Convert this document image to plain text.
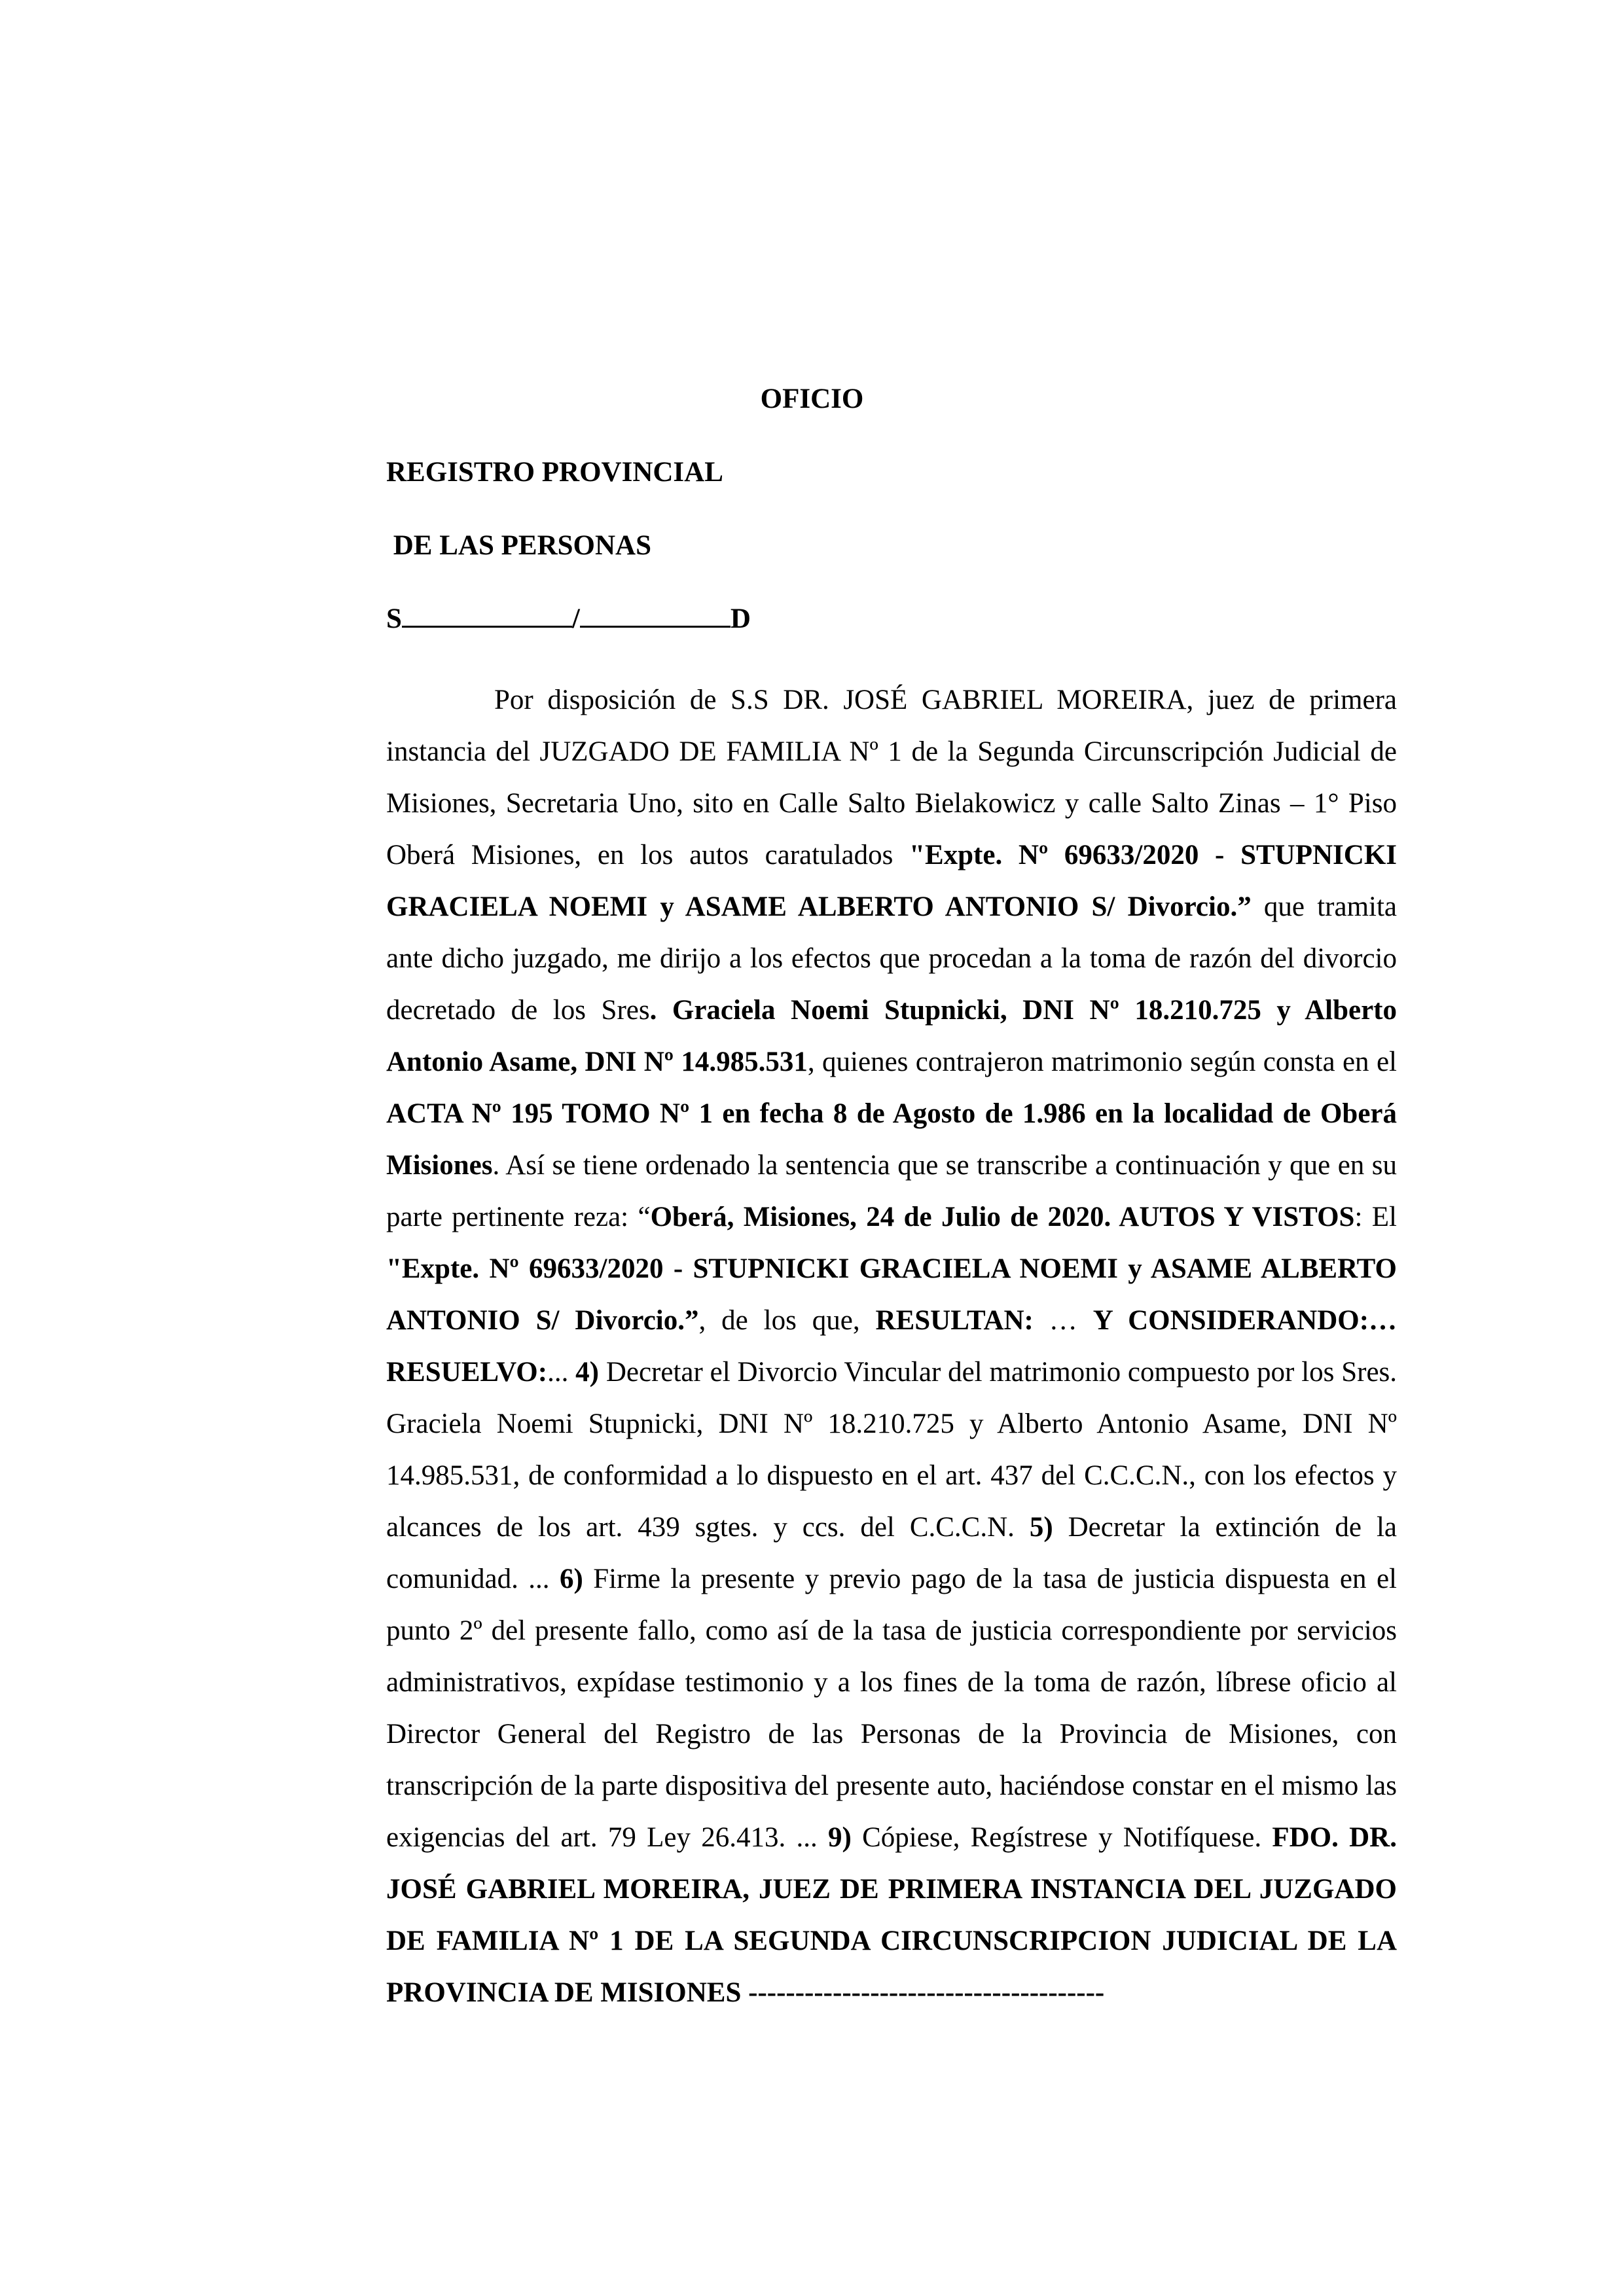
OFICIO
REGISTRO PROVINCIAL
DE LAS PERSONAS
S	/	D

Por disposición de S.S DR. JOSÉ GABRIEL MOREIRA, juez de primera instancia del JUZGADO DE FAMILIA Nº 1 de la Segunda Circunscripción Judicial de Misiones, Secretaria Uno, sito en Calle Salto Bielakowicz y calle Salto Zinas – 1° Piso Oberá Misiones, en los autos caratulados "Expte. Nº 69633/2020 - STUPNICKI GRACIELA NOEMI y ASAME ALBERTO ANTONIO S/ Divorcio.” que tramita ante dicho juzgado, me dirijo a los efectos que procedan a la toma de razón del divorcio decretado de los Sres. Graciela Noemi Stupnicki, DNI Nº 18.210.725 y Alberto Antonio Asame, DNI Nº 14.985.531, quienes contrajeron matrimonio según consta en el ACTA Nº 195 TOMO Nº 1 en fecha 8 de Agosto de 1.986 en la localidad de Oberá Misiones. Así se tiene ordenado la sentencia que se transcribe a continuación y que en su parte pertinente reza: “Oberá, Misiones, 24 de Julio de 2020. AUTOS Y VISTOS: El "Expte. Nº 69633/2020 - STUPNICKI GRACIELA NOEMI y ASAME ALBERTO ANTONIO S/ Divorcio.”, de los que, RESULTAN: … Y CONSIDERANDO:… RESUELVO:... 4) Decretar el Divorcio Vincular del matrimonio compuesto por los Sres. Graciela Noemi Stupnicki, DNI Nº 18.210.725 y Alberto Antonio Asame, DNI Nº 14.985.531, de conformidad a lo dispuesto en el art. 437 del C.C.C.N., con los efectos y alcances de los art. 439 sgtes. y ccs. del C.C.C.N. 5) Decretar la extinción de la comunidad. ... 6) Firme la presente y previo pago de la tasa de justicia dispuesta en el punto 2º del presente fallo, como así de la tasa de justicia correspondiente por servicios administrativos, expídase testimonio y a los fines de la toma de razón, líbrese oficio al Director General del Registro de las Personas de la Provincia de Misiones, con transcripción de la parte dispositiva del presente auto, haciéndose constar en el mismo las exigencias del art. 79 Ley 26.413. ... 9) Cópiese, Regístrese y Notifíquese. FDO. DR. JOSÉ GABRIEL MOREIRA, JUEZ DE PRIMERA INSTANCIA DEL JUZGADO DE FAMILIA Nº 1 DE LA SEGUNDA CIRCUNSCRIPCION JUDICIAL DE LA PROVINCIA DE MISIONES --------------------------------------
